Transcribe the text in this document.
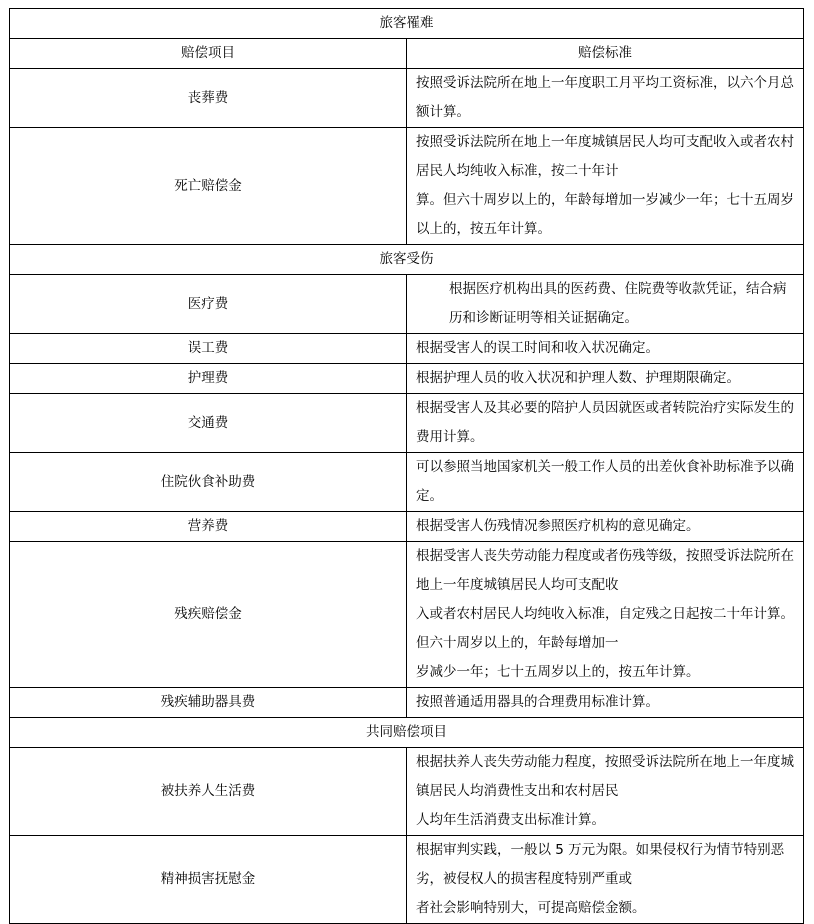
旅客罹难	
赔偿项目	赔偿标准
丧葬费	按照受诉法院所在地上一年度职工月平均工资标准，以六个月总额计算。
死亡赔偿金	按照受诉法院所在地上一年度城镇居民人均可支配收入或者农村居民人均纯收入标准，按二十年计
算。但六十周岁以上的，年龄每增加一岁减少一年；七十五周岁以上的，按五年计算。

旅客受伤	
医疗费	根据医疗机构出具的医药费、住院费等收款凭证，结合病历和诊断证明等相关证据确定。
误工费	根据受害人的误工时间和收入状况确定。
护理费	根据护理人员的收入状况和护理人数、护理期限确定。
交通费	根据受害人及其必要的陪护人员因就医或者转院治疗实际发生的费用计算。
住院伙食补助费	可以参照当地国家机关一般工作人员的出差伙食补助标准予以确定。
营养费	根据受害人伤残情况参照医疗机构的意见确定。
残疾赔偿金	根据受害人丧失劳动能力程度或者伤残等级，按照受诉法院所在地上一年度城镇居民人均可支配收
入或者农村居民人均纯收入标准，自定残之日起按二十年计算。但六十周岁以上的，年龄每增加一
岁减少一年；七十五周岁以上的，按五年计算。

残疾辅助器具费	按照普通适用器具的合理费用标准计算。
共同赔偿项目	
被扶养人生活费	根据扶养人丧失劳动能力程度，按照受诉法院所在地上一年度城镇居民人均消费性支出和农村居民
人均年生活消费支出标准计算。

精神损害抚慰金	根据审判实践，一般以 5 万元为限。如果侵权行为情节特别恶劣，被侵权人的损害程度特别严重或
者社会影响特别大，可提高赔偿金额。
